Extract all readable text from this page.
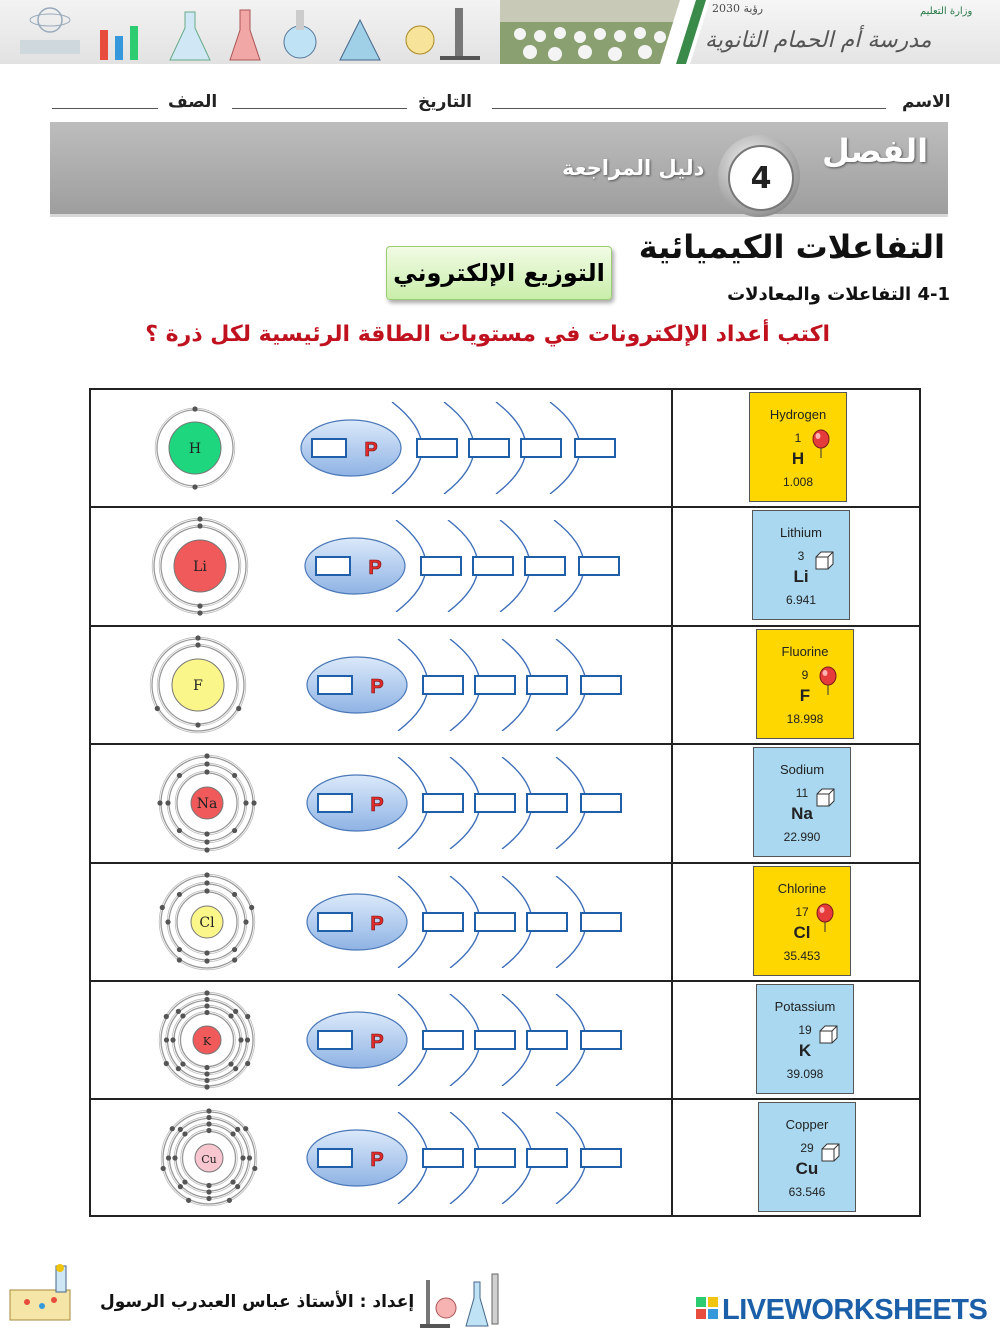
رؤية 2030	وزارة التعليم
مدرسة أم الحمام الثانوية
الاسم
التاريخ
الصف
الفصل
4
دليل المراجعة
التفاعلات الكيميائية
4-1 التفاعلات والمعادلات
التوزيع الإلكتروني
اكتب أعداد الإلكترونات في مستويات الطاقة الرئيسية لكل ذرة ؟
H	P
Hydrogen
1
H
1.008
Li	P
Lithium
3
Li
6.941
F	P
Fluorine
9
F
18.998
Na	P
Sodium
11
Na
22.990
Cl	P
Chlorine
17
Cl
35.453
K	P
Potassium
19
K
39.098
Cu	P
Copper
29
Cu
63.546
إعداد : الأستاذ عباس العبدرب الرسول	LIVEWORKSHEETS
